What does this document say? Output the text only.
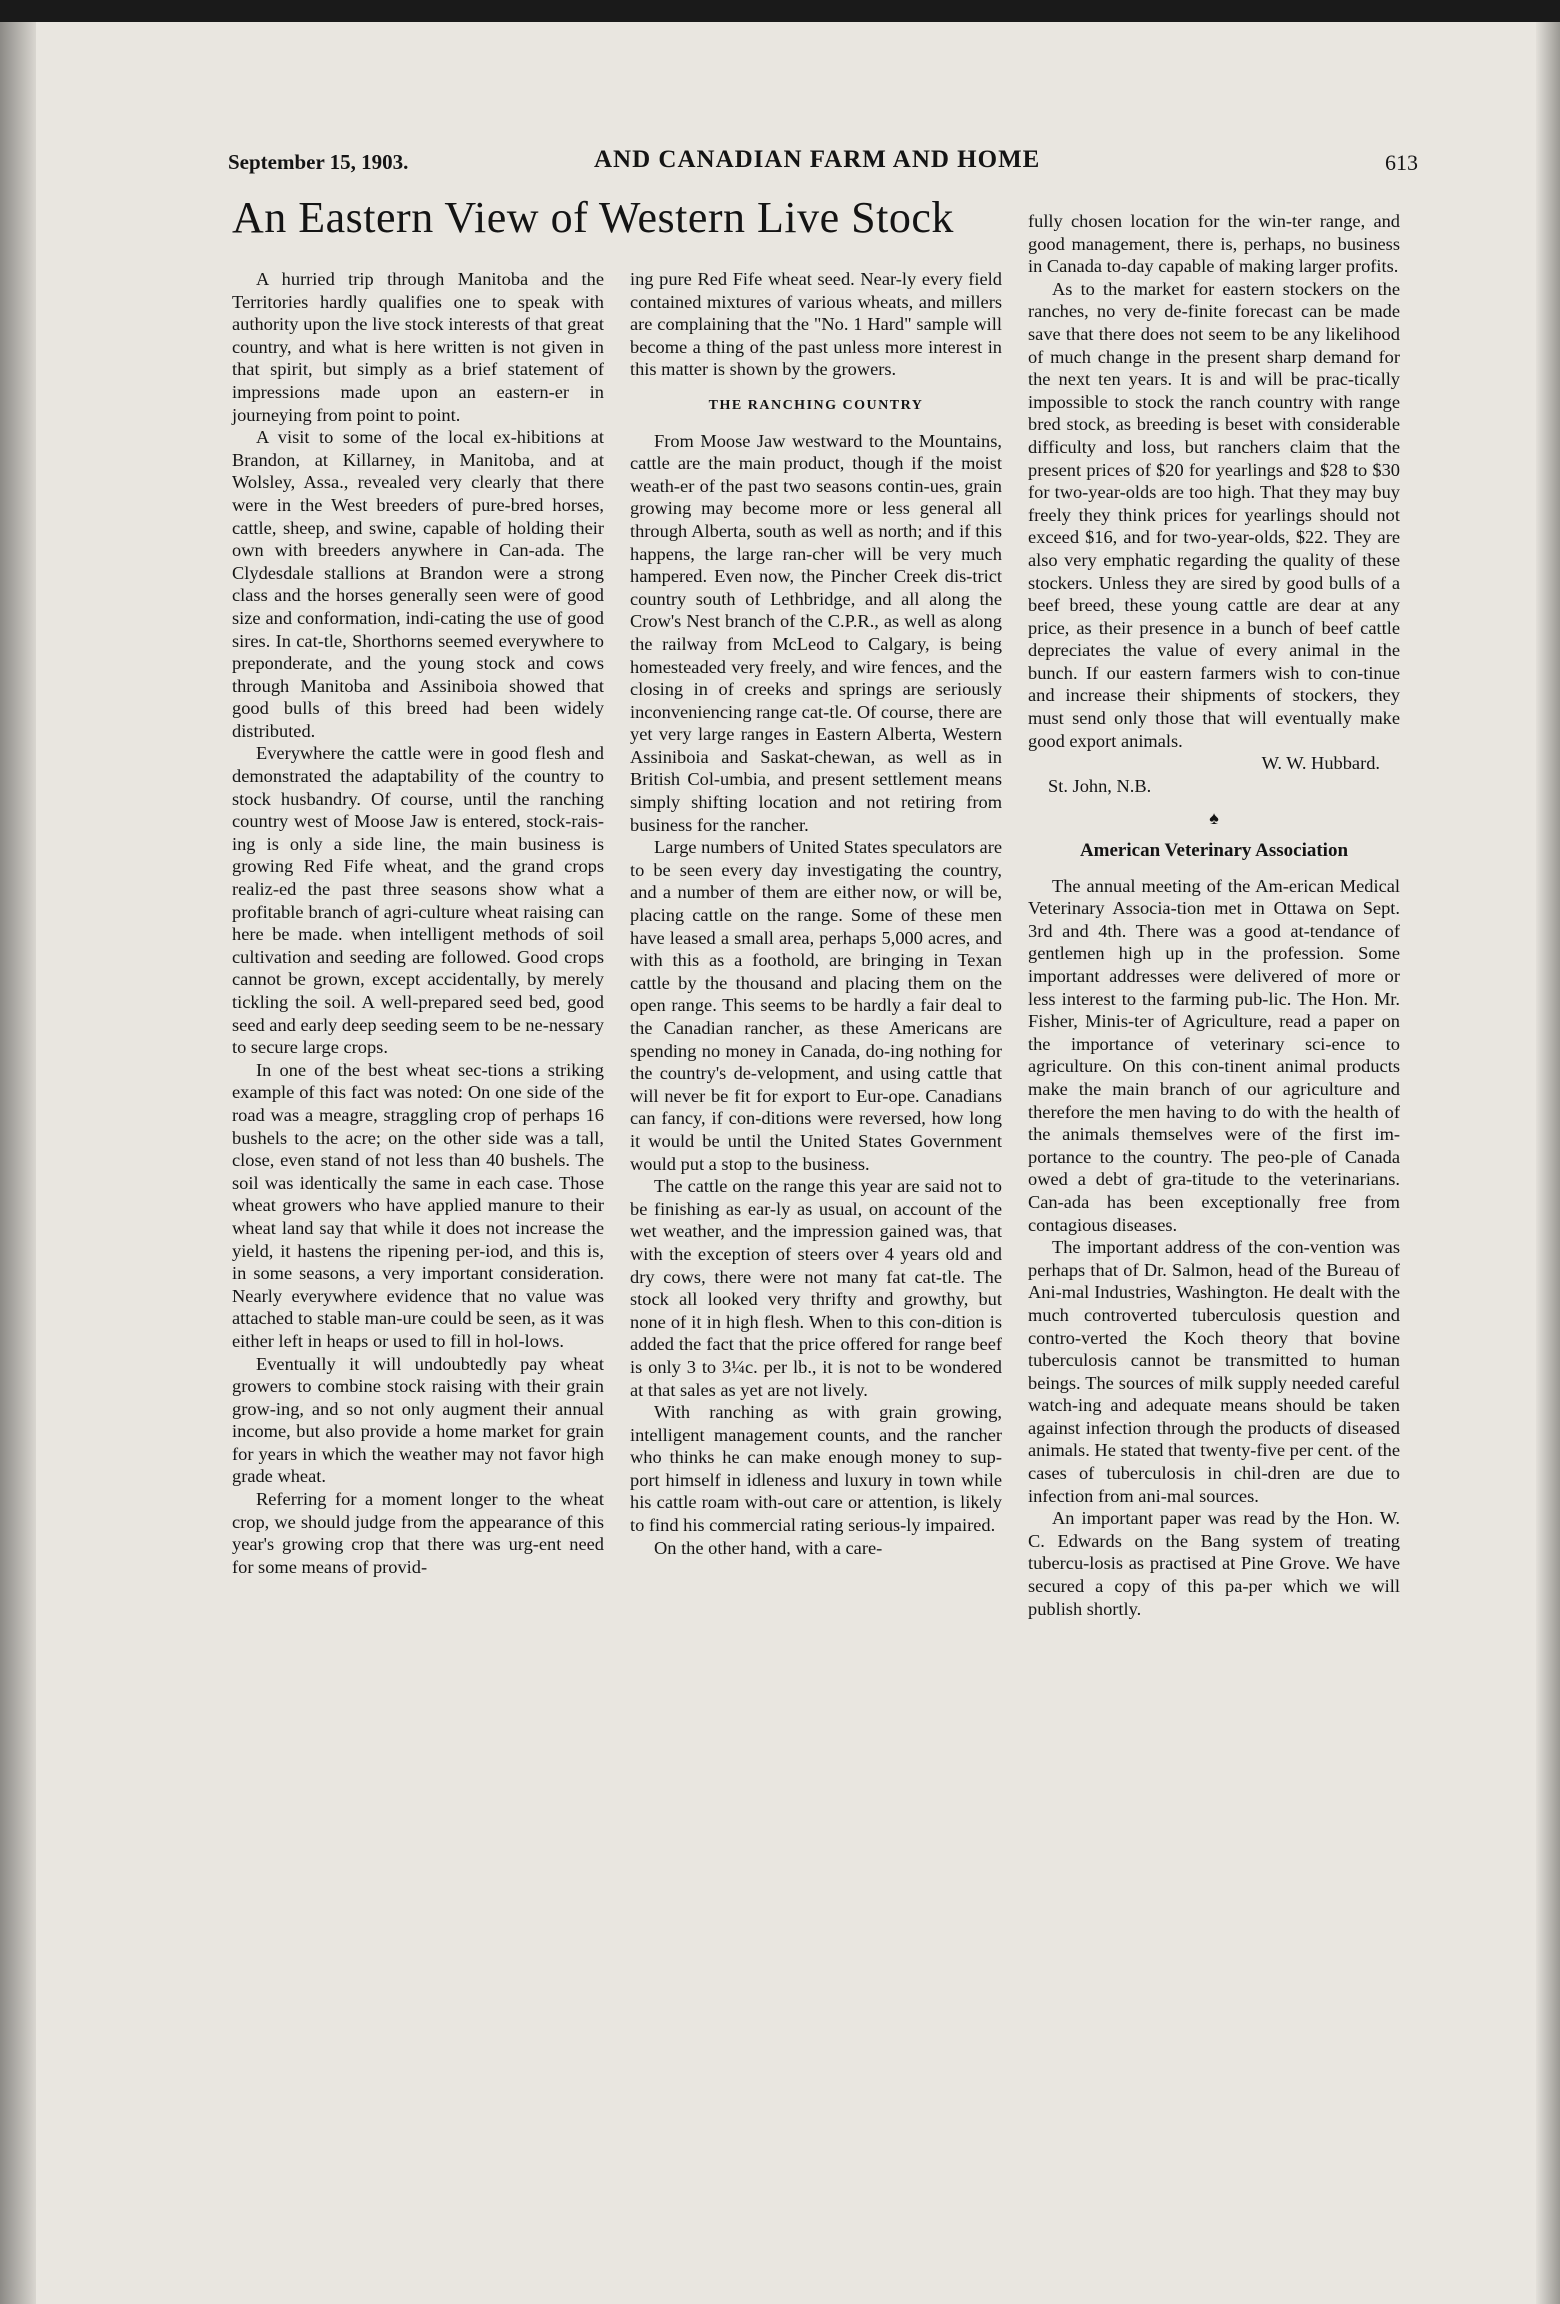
September 15, 1903.	AND CANADIAN FARM AND HOME	613
An Eastern View of Western Live Stock

A hurried trip through Manitoba and the Territories hardly qualifies one to speak with authority upon the live stock interests of that great country, and what is here written is not given in that spirit, but simply as a brief statement of impressions made upon an eastern-er in journeying from point to point.

A visit to some of the local ex-hibitions at Brandon, at Killarney, in Manitoba, and at Wolsley, Assa., revealed very clearly that there were in the West breeders of pure-bred horses, cattle, sheep, and swine, capable of holding their own with breeders anywhere in Can-ada. The Clydesdale stallions at Brandon were a strong class and the horses generally seen were of good size and conformation, indi-cating the use of good sires. In cat-tle, Shorthorns seemed everywhere to preponderate, and the young stock and cows through Manitoba and Assiniboia showed that good bulls of this breed had been widely distributed.

Everywhere the cattle were in good flesh and demonstrated the adaptability of the country to stock husbandry. Of course, until the ranching country west of Moose Jaw is entered, stock-rais-ing is only a side line, the main business is growing Red Fife wheat, and the grand crops realiz-ed the past three seasons show what a profitable branch of agri-culture wheat raising can here be made. when intelligent methods of soil cultivation and seeding are followed. Good crops cannot be grown, except accidentally, by merely tickling the soil. A well-prepared seed bed, good seed and early deep seeding seem to be ne-nessary to secure large crops.

In one of the best wheat sec-tions a striking example of this fact was noted: On one side of the road was a meagre, straggling crop of perhaps 16 bushels to the acre; on the other side was a tall, close, even stand of not less than 40 bushels. The soil was identically the same in each case. Those wheat growers who have applied manure to their wheat land say that while it does not increase the yield, it hastens the ripening per-iod, and this is, in some seasons, a very important consideration. Nearly everywhere evidence that no value was attached to stable man-ure could be seen, as it was either left in heaps or used to fill in hol-lows.

Eventually it will undoubtedly pay wheat growers to combine stock raising with their grain grow-ing, and so not only augment their annual income, but also provide a home market for grain for years in which the weather may not favor high grade wheat.

Referring for a moment longer to the wheat crop, we should judge from the appearance of this year's growing crop that there was urg-ent need for some means of provid-

ing pure Red Fife wheat seed. Near-ly every field contained mixtures of various wheats, and millers are complaining that the "No. 1 Hard" sample will become a thing of the past unless more interest in this matter is shown by the growers.

THE RANCHING COUNTRY

From Moose Jaw westward to the Mountains, cattle are the main product, though if the moist weath-er of the past two seasons contin-ues, grain growing may become more or less general all through Alberta, south as well as north; and if this happens, the large ran-cher will be very much hampered. Even now, the Pincher Creek dis-trict country south of Lethbridge, and all along the Crow's Nest branch of the C.P.R., as well as along the railway from McLeod to Calgary, is being homesteaded very freely, and wire fences, and the closing in of creeks and springs are seriously inconveniencing range cat-tle. Of course, there are yet very large ranges in Eastern Alberta, Western Assiniboia and Saskat-chewan, as well as in British Col-umbia, and present settlement means simply shifting location and not retiring from business for the rancher.

Large numbers of United States speculators are to be seen every day investigating the country, and a number of them are either now, or will be, placing cattle on the range. Some of these men have leased a small area, perhaps 5,000 acres, and with this as a foothold, are bringing in Texan cattle by the thousand and placing them on the open range. This seems to be hardly a fair deal to the Canadian rancher, as these Americans are spending no money in Canada, do-ing nothing for the country's de-velopment, and using cattle that will never be fit for export to Eur-ope. Canadians can fancy, if con-ditions were reversed, how long it would be until the United States Government would put a stop to the business.

The cattle on the range this year are said not to be finishing as ear-ly as usual, on account of the wet weather, and the impression gained was, that with the exception of steers over 4 years old and dry cows, there were not many fat cat-tle. The stock all looked very thrifty and growthy, but none of it in high flesh. When to this con-dition is added the fact that the price offered for range beef is only 3 to 3¼c. per lb., it is not to be wondered at that sales as yet are not lively.

With ranching as with grain growing, intelligent management counts, and the rancher who thinks he can make enough money to sup-port himself in idleness and luxury in town while his cattle roam with-out care or attention, is likely to find his commercial rating serious-ly impaired.

On the other hand, with a care-

fully chosen location for the win-ter range, and good management, there is, perhaps, no business in Canada to-day capable of making larger profits.

As to the market for eastern stockers on the ranches, no very de-finite forecast can be made save that there does not seem to be any likelihood of much change in the present sharp demand for the next ten years. It is and will be prac-tically impossible to stock the ranch country with range bred stock, as breeding is beset with considerable difficulty and loss, but ranchers claim that the present prices of $20 for yearlings and $28 to $30 for two-year-olds are too high. That they may buy freely they think prices for yearlings should not exceed $16, and for two-year-olds, $22. They are also very emphatic regarding the quality of these stockers. Unless they are sired by good bulls of a beef breed, these young cattle are dear at any price, as their presence in a bunch of beef cattle depreciates the value of every animal in the bunch. If our eastern farmers wish to con-tinue and increase their shipments of stockers, they must send only those that will eventually make good export animals.

W. W. Hubbard.

St. John, N.B.

♠
American Veterinary Association

The annual meeting of the Am-erican Medical Veterinary Associa-tion met in Ottawa on Sept. 3rd and 4th. There was a good at-tendance of gentlemen high up in the profession. Some important addresses were delivered of more or less interest to the farming pub-lic. The Hon. Mr. Fisher, Minis-ter of Agriculture, read a paper on the importance of veterinary sci-ence to agriculture. On this con-tinent animal products make the main branch of our agriculture and therefore the men having to do with the health of the animals themselves were of the first im-portance to the country. The peo-ple of Canada owed a debt of gra-titude to the veterinarians. Can-ada has been exceptionally free from contagious diseases.

The important address of the con-vention was perhaps that of Dr. Salmon, head of the Bureau of Ani-mal Industries, Washington. He dealt with the much controverted tuberculosis question and contro-verted the Koch theory that bovine tuberculosis cannot be transmitted to human beings. The sources of milk supply needed careful watch-ing and adequate means should be taken against infection through the products of diseased animals. He stated that twenty-five per cent. of the cases of tuberculosis in chil-dren are due to infection from ani-mal sources.

An important paper was read by the Hon. W. C. Edwards on the Bang system of treating tubercu-losis as practised at Pine Grove. We have secured a copy of this pa-per which we will publish shortly.
